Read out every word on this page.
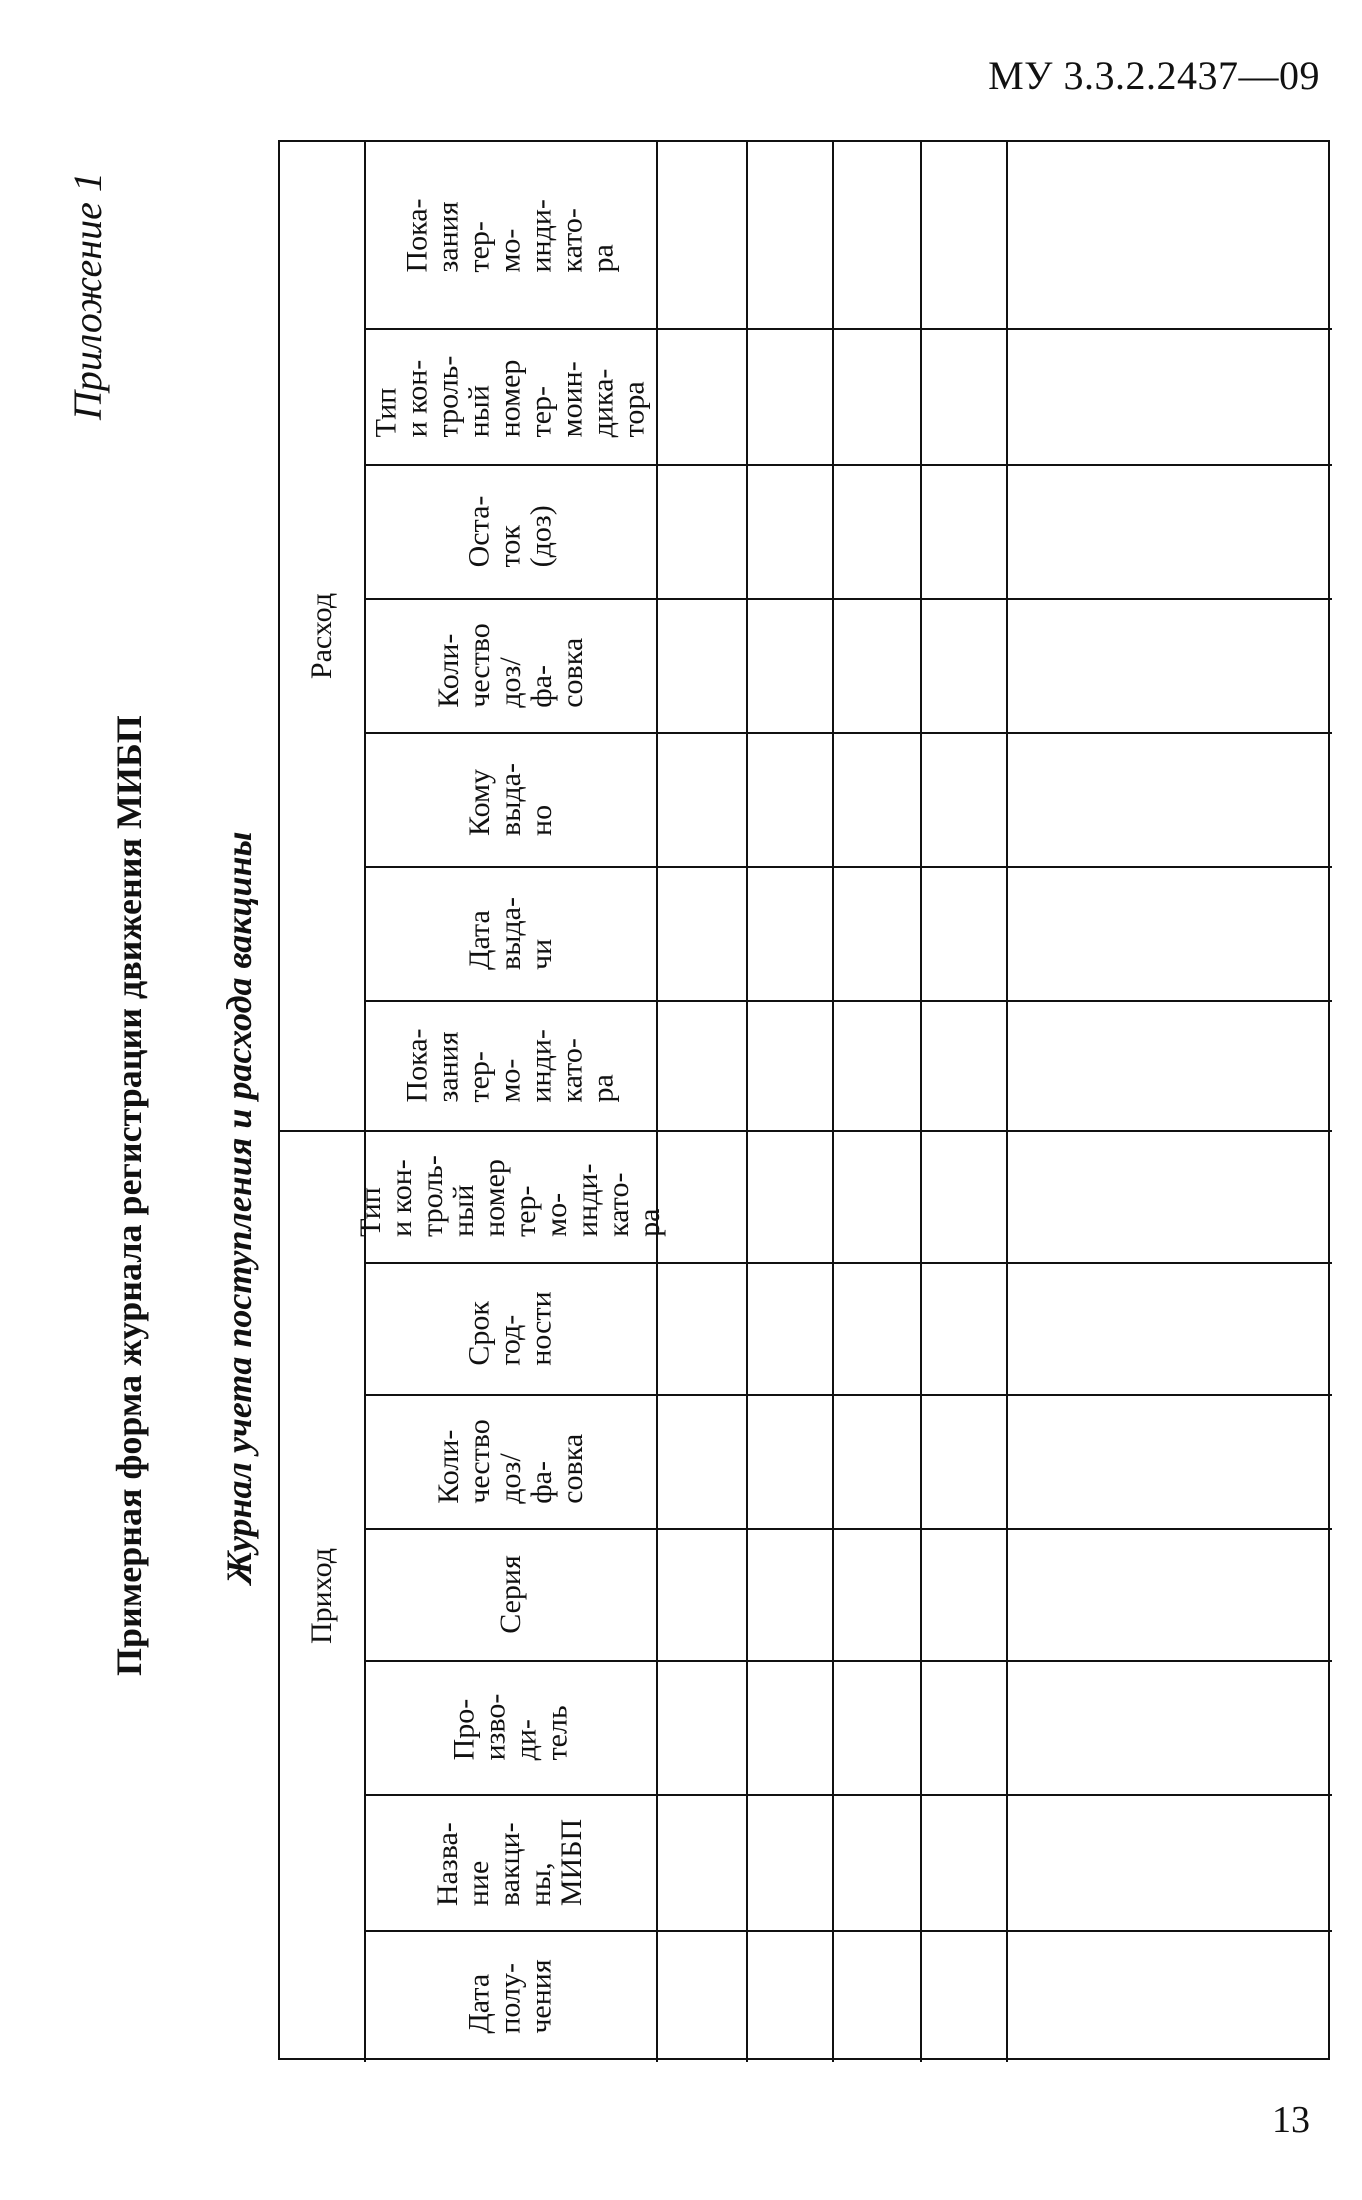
МУ 3.3.2.2437—09
Приложение 1
Примерная форма журнала регистрации движения МИБП Журнал учета поступления и расхода вакцины
Приход
Расход
Дата
полу-
чения
Назва-
ние
вакци-
ны,
МИБП
Про-
изво-
ди-
тель
Серия
Коли-
чество
доз/
фа-
совка
Срок
год-
ности
Тип
и кон-
троль-
ный
номер
тер-
мо-
инди-
като-
ра
Пока-
зания
тер-
мо-
инди-
като-
ра
Дата
выда-
чи
Кому
выда-
но
Коли-
чество
доз/
фа-
совка
Оста-
ток
(доз)
Тип
и кон-
троль-
ный
номер
тер-
моин-
дика-
тора
Пока-
зания
тер-
мо-
инди-
като-
ра
13
